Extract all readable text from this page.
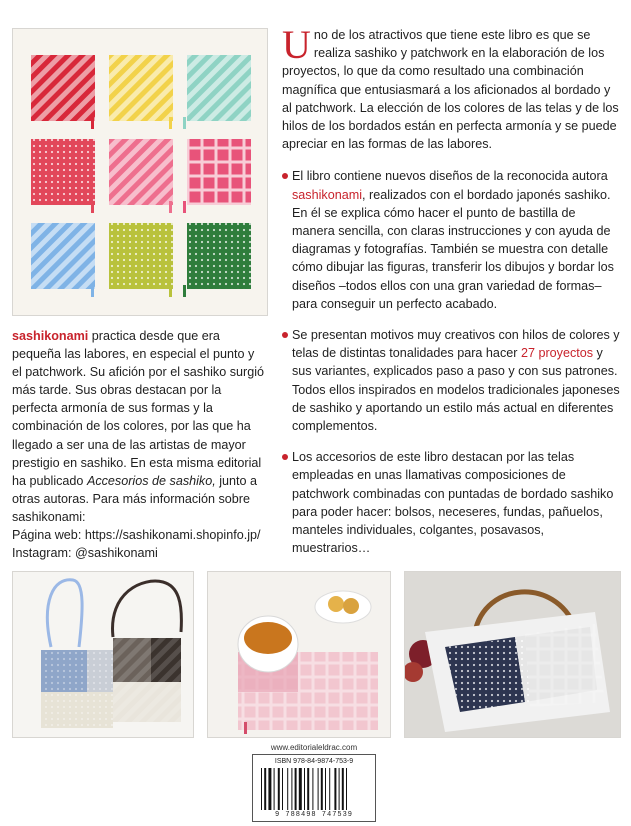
sashikonami practica desde que era pequeña las labores, en especial el punto y el patchwork. Su afición por el sashiko surgió más tarde. Sus obras destacan por la perfecta armonía de sus formas y la combinación de los colores, por las que ha llegado a ser una de las artistas de mayor prestigio en sashiko. En esta misma editorial ha publicado Accesorios de sashiko, junto a otras autoras. Para más información sobre sashikonami:

Página web: https://sashikonami.shopinfo.jp/

Instagram: @sashikonami

Uno de los atractivos que tiene este libro es que se realiza sashiko y patchwork en la elaboración de los proyectos, lo que da como resultado una combinación magnífica que entusiasmará a los aficionados al bordado y al patchwork. La elección de los colores de las telas y de los hilos de los bordados están en perfecta armonía y se puede apreciar en las formas de las labores.

El libro contiene nuevos diseños de la reconocida autora sashikonami, realizados con el bordado japonés sashiko. En él se explica cómo hacer el punto de bastilla de manera sencilla, con claras instrucciones y con ayuda de diagramas y fotografías. También se muestra con detalle cómo dibujar las figuras, transferir los dibujos y bordar los diseños –todos ellos con una gran variedad de formas– para conseguir un perfecto acabado.

Se presentan motivos muy creativos con hilos de colores y telas de distintas tonalidades para hacer 27 proyectos y sus variantes, explicados paso a paso y con sus patrones. Todos ellos inspirados en modelos tradicionales japoneses de sashiko y aportando un estilo más actual en diferentes complementos.

Los accesorios de este libro destacan por las telas empleadas en unas llamativas composiciones de patchwork combinadas con puntadas de bordado sashiko para poder hacer: bolsos, neceseres, fundas, pañuelos, manteles individuales, colgantes, posavasos, muestrarios…

www.editorialeldrac.com
ISBN 978-84-9874-753-9
9 788498 747539
